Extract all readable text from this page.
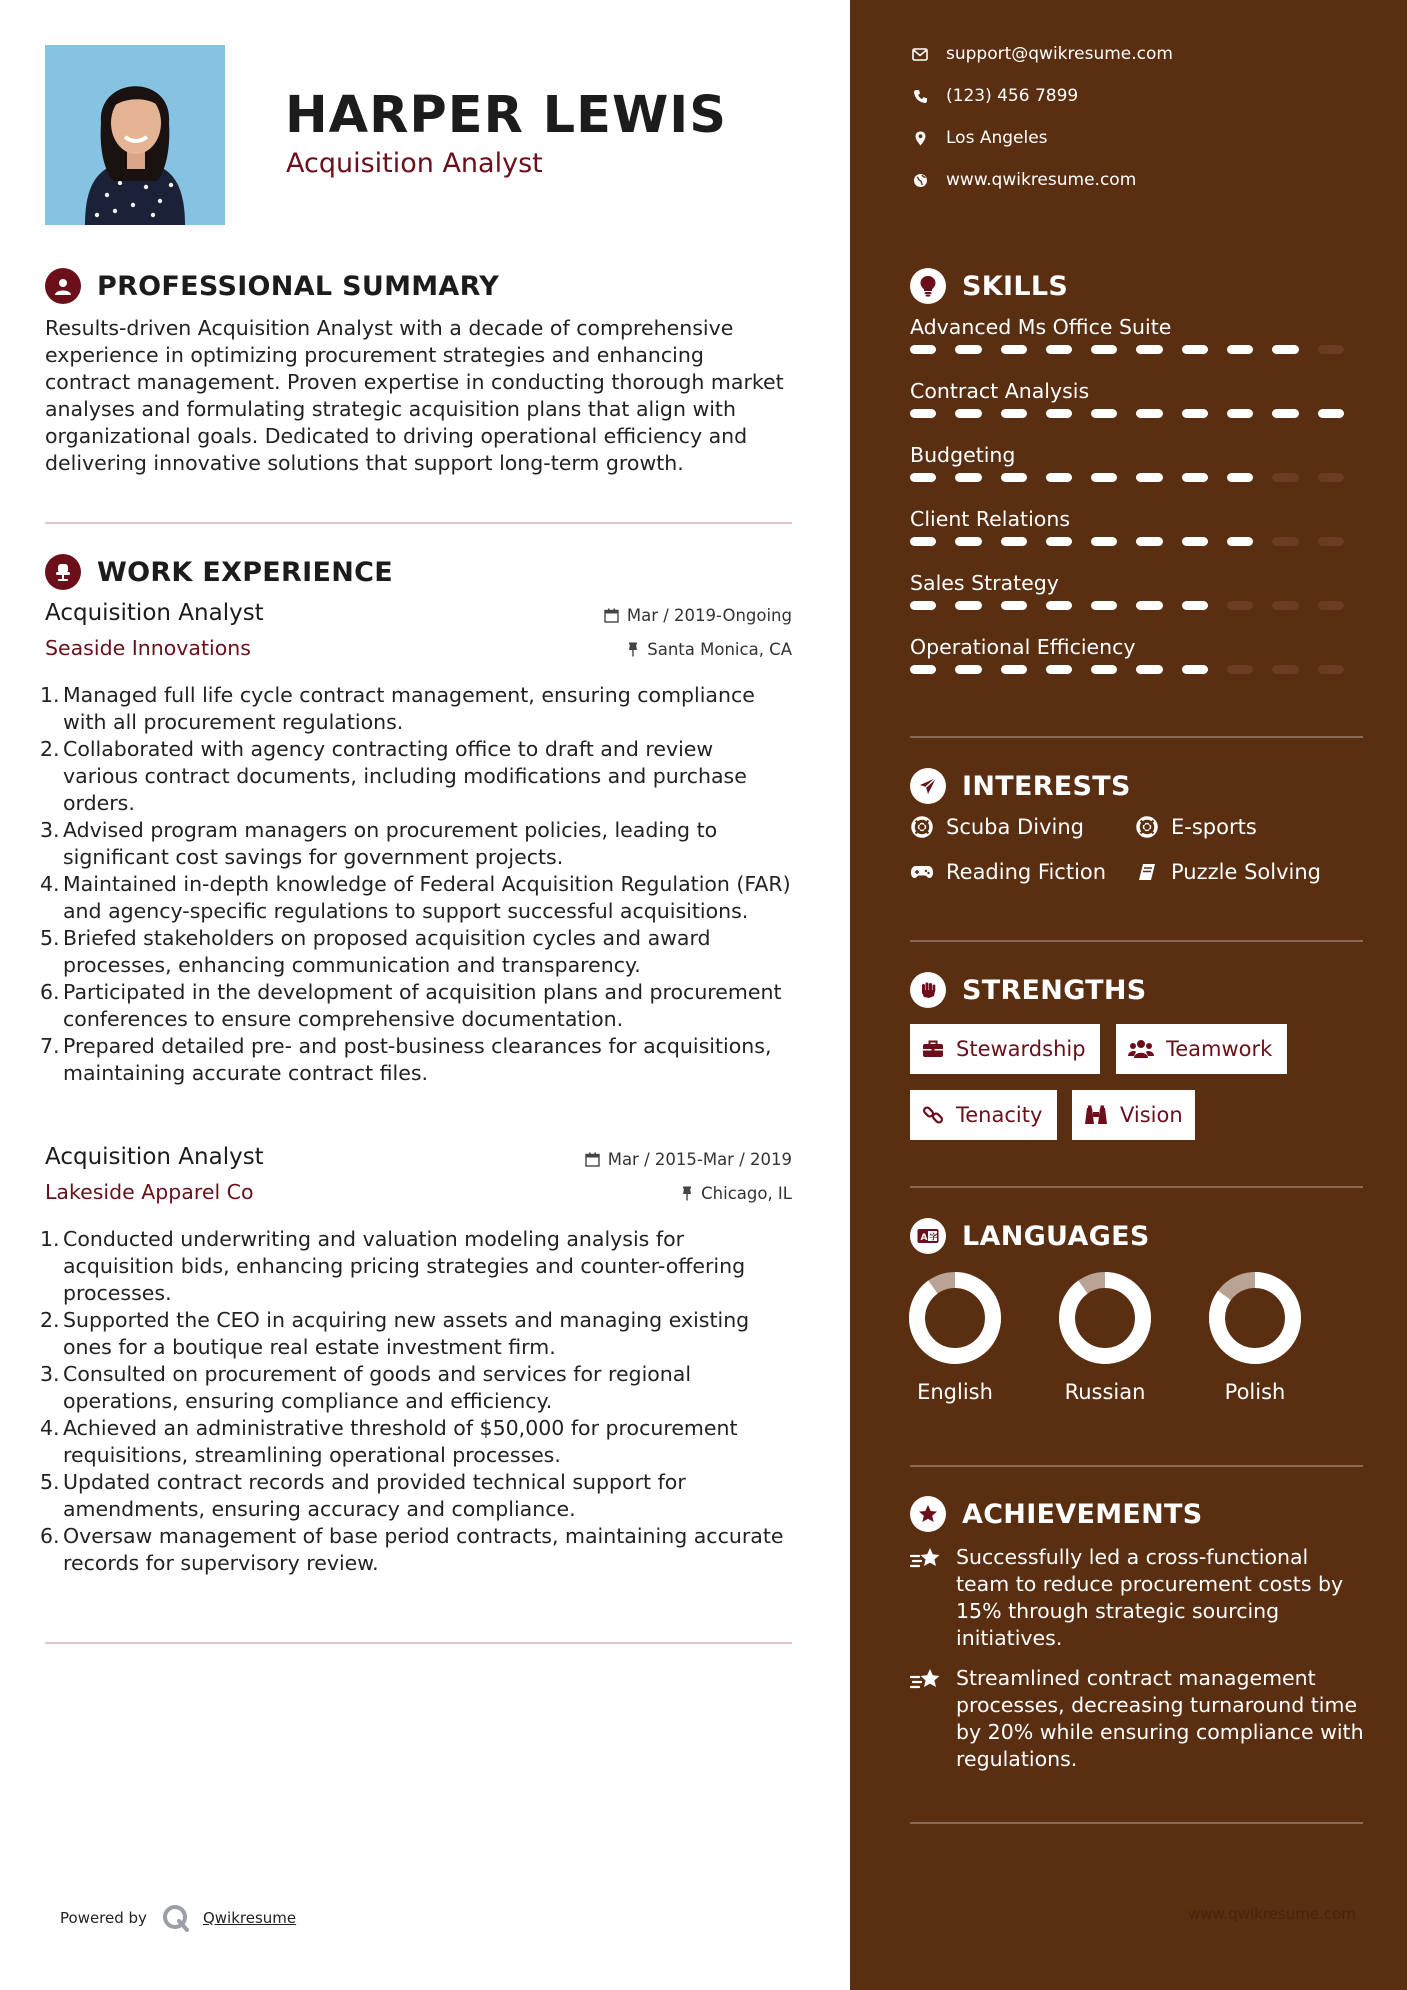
HARPER LEWIS
Acquisition Analyst
PROFESSIONAL SUMMARY

Results-driven Acquisition Analyst with a decade of comprehensive experience in optimizing procurement strategies and enhancing contract management. Proven expertise in conducting thorough market analyses and formulating strategic acquisition plans that align with organizational goals. Dedicated to driving operational efficiency and delivering innovative solutions that support long-term growth.

WORK EXPERIENCE
Acquisition Analyst	Mar / 2019-Ongoing
Seaside Innovations	Santa Monica, CA
1. Managed full life cycle contract management, ensuring compliance with all procurement regulations.
2. Collaborated with agency contracting office to draft and review various contract documents, including modifications and purchase orders.
3. Advised program managers on procurement policies, leading to significant cost savings for government projects.
4. Maintained in-depth knowledge of Federal Acquisition Regulation (FAR) and agency-specific regulations to support successful acquisitions.
5. Briefed stakeholders on proposed acquisition cycles and award processes, enhancing communication and transparency.
6. Participated in the development of acquisition plans and procurement conferences to ensure comprehensive documentation.
7. Prepared detailed pre- and post-business clearances for acquisitions, maintaining accurate contract files.
Acquisition Analyst	Mar / 2015-Mar / 2019
Lakeside Apparel Co	Chicago, IL
1. Conducted underwriting and valuation modeling analysis for acquisition bids, enhancing pricing strategies and counter-offering processes.
2. Supported the CEO in acquiring new assets and managing existing ones for a boutique real estate investment firm.
3. Consulted on procurement of goods and services for regional operations, ensuring compliance and efficiency.
4. Achieved an administrative threshold of $50,000 for procurement requisitions, streamlining operational processes.
5. Updated contract records and provided technical support for amendments, ensuring accuracy and compliance.
6. Oversaw management of base period contracts, maintaining accurate records for supervisory review.
Powered by	Qwikresume
support@qwikresume.com
(123) 456 7899
Los Angeles
www.qwikresume.com
SKILLS
Advanced Ms Office Suite
Contract Analysis
Budgeting
Client Relations
Sales Strategy
Operational Efficiency
INTERESTS
Scuba Diving	E-sports
Reading Fiction	Puzzle Solving
STRENGTHS
Stewardship	Teamwork
Tenacity	Vision
A 字 LANGUAGES
English	Russian	Polish
ACHIEVEMENTS
Successfully led a cross-functional team to reduce procurement costs by 15% through strategic sourcing initiatives.
Streamlined contract management processes, decreasing turnaround time by 20% while ensuring compliance with regulations.
www.qwikresume.com
